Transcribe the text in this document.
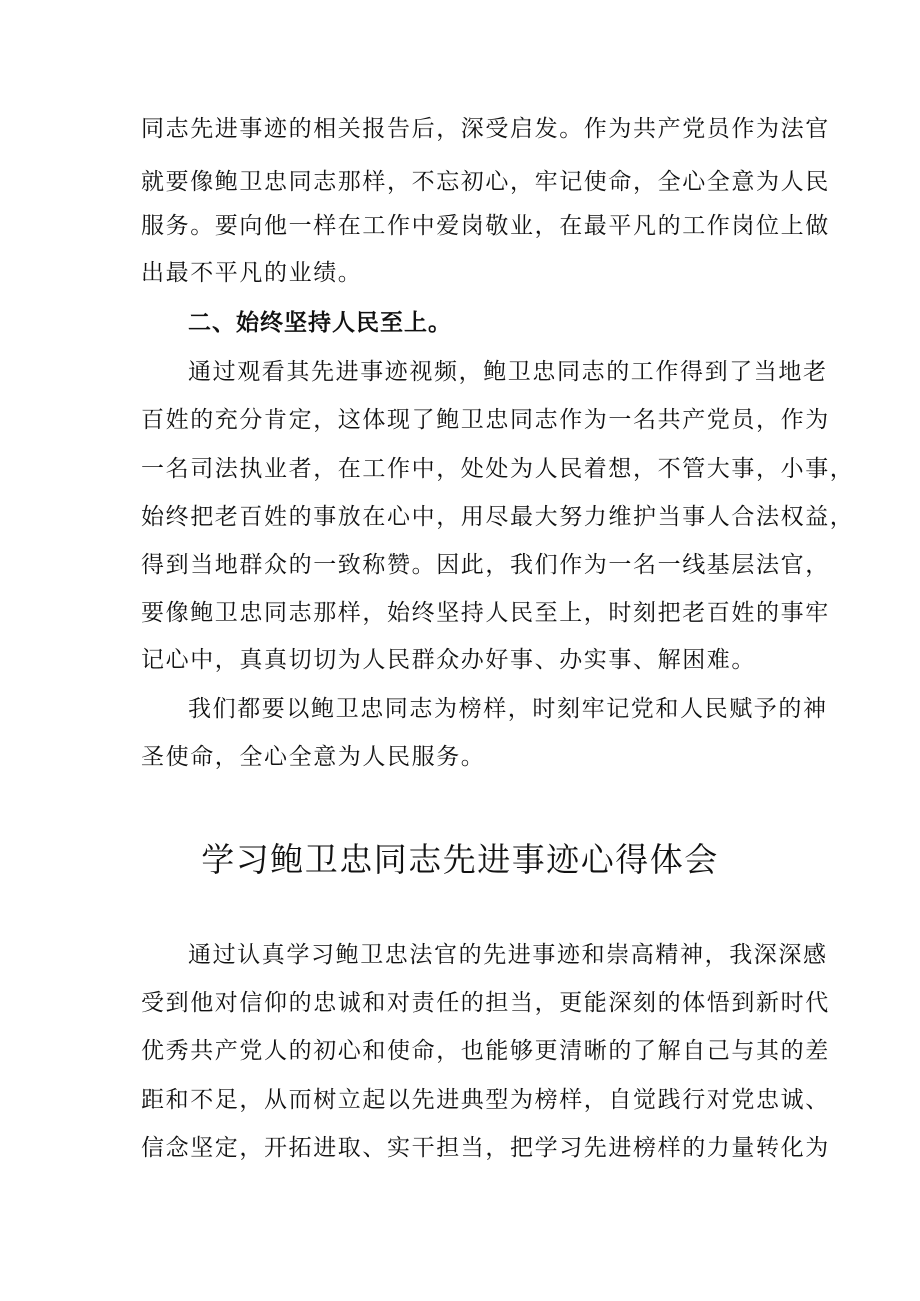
同志先进事迹的相关报告后，深受启发。作为共产党员作为法官
就要像鲍卫忠同志那样，不忘初心，牢记使命，全心全意为人民
服务。要向他一样在工作中爱岗敬业，在最平凡的工作岗位上做
出最不平凡的业绩。
二、始终坚持人民至上。
通过观看其先进事迹视频，鲍卫忠同志的工作得到了当地老
百姓的充分肯定，这体现了鲍卫忠同志作为一名共产党员，作为
一名司法执业者，在工作中，处处为人民着想，不管大事，小事，
始终把老百姓的事放在心中，用尽最大努力维护当事人合法权益，
得到当地群众的一致称赞。因此，我们作为一名一线基层法官，
要像鲍卫忠同志那样，始终坚持人民至上，时刻把老百姓的事牢
记心中，真真切切为人民群众办好事、办实事、解困难。
我们都要以鲍卫忠同志为榜样，时刻牢记党和人民赋予的神
圣使命，全心全意为人民服务。
学习鲍卫忠同志先进事迹心得体会
通过认真学习鲍卫忠法官的先进事迹和崇高精神，我深深感
受到他对信仰的忠诚和对责任的担当，更能深刻的体悟到新时代
优秀共产党人的初心和使命，也能够更清晰的了解自己与其的差
距和不足，从而树立起以先进典型为榜样，自觉践行对党忠诚、
信念坚定，开拓进取、实干担当，把学习先进榜样的力量转化为
